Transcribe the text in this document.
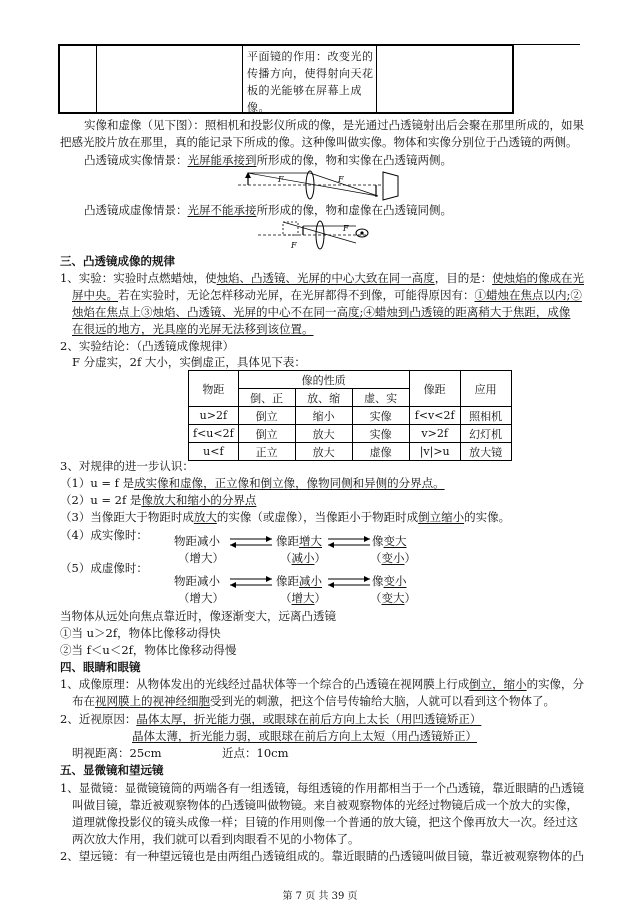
平面镜的作用：改变光的传播方向，使得射向天花板的光能够在屏幕上成像。
实像和虚像（见下图）：照相机和投影仪所成的像，是光通过凸透镜射出后会聚在那里所成的，如果
把感光胶片放在那里，真的能记录下所成的像。这种像叫做实像。物体和实像分别位于凸透镜的两侧。
凸透镜成实像情景：光屏能承接到所形成的像，物和实像在凸透镜两侧。
F	F
凸透镜成虚像情景：光屏不能承接所形成的像，物和虚像在凸透镜同侧。
F
F
三、凸透镜成像的规律
1、实验：实验时点燃蜡烛，使烛焰、凸透镜、光屏的中心大致在同一高度，目的是：使烛焰的像成在光
屏中央。若在实验时，无论怎样移动光屏，在光屏都得不到像，可能得原因有：①蜡烛在焦点以内;②
烛焰在焦点上③烛焰、凸透镜、光屏的中心不在同一高度;④蜡烛到凸透镜的距离稍大于焦距，成像
在很远的地方，光具座的光屏无法移到该位置。
2、实验结论：（凸透镜成像规律）
F 分虚实，2f 大小，实倒虚正，具体见下表：
物距	像的性质			像距	应用
	倒、正	放、缩	虚、实		
u>2f	倒立	缩小	实像	f<v<2f	照相机
f<u<2f	倒立	放大	实像	v>2f	幻灯机
u<f	正立	放大	虚像	|v|>u	放大镜
3、对规律的进一步认识：
（1）u = f 是成实像和虚像，正立像和倒立像，像物同侧和异侧的分界点。
（2）u = 2f 是像放大和缩小的分界点
（3）当像距大于物距时成放大的实像（或虚像），当像距小于物距时成倒立缩小的实像。
（4）成实像时： 物距减小
（增大）
像距增大
（减小）
像变大
（变小）
（5）成虚像时：
物距减小
（增大）
像距减小
（增大）
像变小
（变大）
当物体从远处向焦点靠近时，像逐渐变大，远离凸透镜
①当 u＞2f，物体比像移动得快
②当 f＜u＜2f，物体比像移动得慢
四、眼睛和眼镜
1、成像原理：从物体发出的光线经过晶状体等一个综合的凸透镜在视网膜上行成倒立，缩小的实像，分
布在视网膜上的视神经细胞受到光的刺激，把这个信号传输给大脑，人就可以看到这个物体了。
2、近视原因：晶体太厚，折光能力强，或眼球在前后方向上太长（用凹透镜矫正）
晶体太薄，折光能力弱，或眼球在前后方向上太短（用凸透镜矫正）
明视距离：25cm	近点：10cm
五、显微镜和望远镜
1、显微镜：显微镜镜筒的两端各有一组透镜，每组透镜的作用都相当于一个凸透镜，靠近眼睛的凸透镜
叫做目镜，靠近被观察物体的凸透镜叫做物镜。来自被观察物体的光经过物镜后成一个放大的实像，
道理就像投影仪的镜头成像一样；目镜的作用则像一个普通的放大镜，把这个像再放大一次。经过这
两次放大作用，我们就可以看到肉眼看不见的小物体了。
2、望远镜：有一种望远镜也是由两组凸透镜组成的。靠近眼睛的凸透镜叫做目镜，靠近被观察物体的凸
第 7 页 共 39 页
